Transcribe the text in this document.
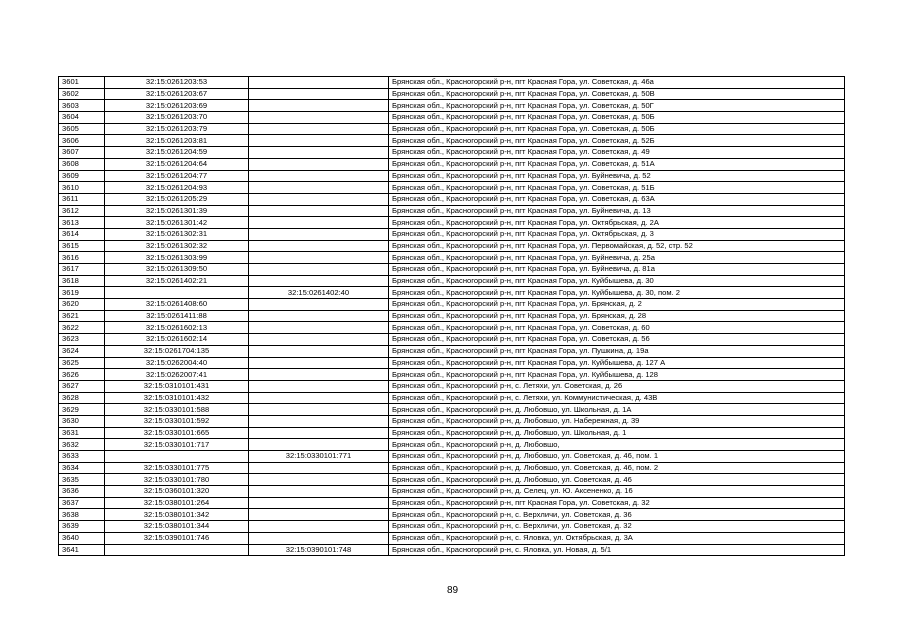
3601	32:15:0261203:53		Брянская обл., Красногорский р-н, пгт Красная Гора, ул. Советская, д. 46а
3602	32:15:0261203:67		Брянская обл., Красногорский р-н, пгт Красная Гора, ул. Советская, д. 50В
3603	32:15:0261203:69		Брянская обл., Красногорский р-н, пгт Красная Гора, ул. Советская, д. 50Г
3604	32:15:0261203:70		Брянская обл., Красногорский р-н, пгт Красная Гора, ул. Советская, д. 50Б
3605	32:15:0261203:79		Брянская обл., Красногорский р-н, пгт Красная Гора, ул. Советская, д. 50Б
3606	32:15:0261203:81		Брянская обл., Красногорский р-н, пгт Красная Гора, ул. Советская, д. 52Б
3607	32:15:0261204:59		Брянская обл., Красногорский р-н, пгт Красная Гора, ул. Советская, д. 49
3608	32:15:0261204:64		Брянская обл., Красногорский р-н, пгт Красная Гора, ул. Советская, д. 51А
3609	32:15:0261204:77		Брянская обл., Красногорский р-н, пгт Красная Гора, ул. Буйневича, д. 52
3610	32:15:0261204:93		Брянская обл., Красногорский р-н, пгт Красная Гора, ул. Советская, д. 51Б
3611	32:15:0261205:29		Брянская обл., Красногорский р-н, пгт Красная Гора, ул. Советская, д. 63А
3612	32:15:0261301:39		Брянская обл., Красногорский р-н, пгт Красная Гора, ул. Буйневича, д. 13
3613	32:15:0261301:42		Брянская обл., Красногорский р-н, пгт Красная Гора, ул. Октябрьская, д. 2А
3614	32:15:0261302:31		Брянская обл., Красногорский р-н, пгт Красная Гора, ул. Октябрьская, д. 3
3615	32:15:0261302:32		Брянская обл., Красногорский р-н, пгт Красная Гора, ул. Первомайская, д. 52, стр. 52
3616	32:15:0261303:99		Брянская обл., Красногорский р-н, пгт Красная Гора, ул. Буйневича, д. 25а
3617	32:15:0261309:50		Брянская обл., Красногорский р-н, пгт Красная Гора, ул. Буйневича, д. 81а
3618	32:15:0261402:21		Брянская обл., Красногорский р-н, пгт Красная Гора, ул. Куйбышева, д. 30
3619		32:15:0261402:40	Брянская обл., Красногорский р-н, пгт Красная Гора, ул. Куйбышева, д. 30, пом. 2
3620	32:15:0261408:60		Брянская обл., Красногорский р-н, пгт Красная Гора, ул. Брянская, д. 2
3621	32:15:0261411:88		Брянская обл., Красногорский р-н, пгт Красная Гора, ул. Брянская, д. 28
3622	32:15:0261602:13		Брянская обл., Красногорский р-н, пгт Красная Гора, ул. Советская, д. 60
3623	32:15:0261602:14		Брянская обл., Красногорский р-н, пгт Красная Гора, ул. Советская, д. 56
3624	32:15:0261704:135		Брянская обл., Красногорский р-н, пгт Красная Гора, ул. Пушкина, д. 19а
3625	32:15:0262004:40		Брянская обл., Красногорский р-н, пгт Красная Гора, ул. Куйбышева, д. 127 А
3626	32:15:0262007:41		Брянская обл., Красногорский р-н, пгт Красная Гора, ул. Куйбышева, д. 128
3627	32:15:0310101:431		Брянская обл., Красногорский р-н, с. Летяхи, ул. Советская, д. 26
3628	32:15:0310101:432		Брянская обл., Красногорский р-н, с. Летяхи, ул. Коммунистическая, д. 43В
3629	32:15:0330101:588		Брянская обл., Красногорский р-н, д. Любовшо, ул. Школьная, д. 1А
3630	32:15:0330101:592		Брянская обл., Красногорский р-н, д. Любовшо, ул. Набережная, д. 39
3631	32:15:0330101:665		Брянская обл., Красногорский р-н, д. Любовшо, ул. Школьная, д. 1
3632	32:15:0330101:717		Брянская обл., Красногорский р-н, д. Любовшо,
3633		32:15:0330101:771	Брянская обл., Красногорский р-н, д. Любовшо, ул. Советская, д. 46, пом. 1
3634	32:15:0330101:775		Брянская обл., Красногорский р-н, д. Любовшо, ул. Советская, д. 46, пом. 2
3635	32:15:0330101:780		Брянская обл., Красногорский р-н, д. Любовшо, ул. Советская, д. 46
3636	32:15:0360101:320		Брянская обл., Красногорский р-н, д. Селец, ул. Ю. Аксененко, д. 16
3637	32:15:0380101:264		Брянская обл., Красногорский р-н, пгт Красная Гора, ул. Советская, д. 32
3638	32:15:0380101:342		Брянская обл., Красногорский р-н, с. Верхличи, ул. Советская, д. 36
3639	32:15:0380101:344		Брянская обл., Красногорский р-н, с. Верхличи, ул. Советская, д. 32
3640	32:15:0390101:746		Брянская обл., Красногорский р-н, с. Яловка, ул. Октябрьская, д. 3А
3641		32:15:0390101:748	Брянская обл., Красногорский р-н, с. Яловка, ул. Новая, д. 5/1
89
